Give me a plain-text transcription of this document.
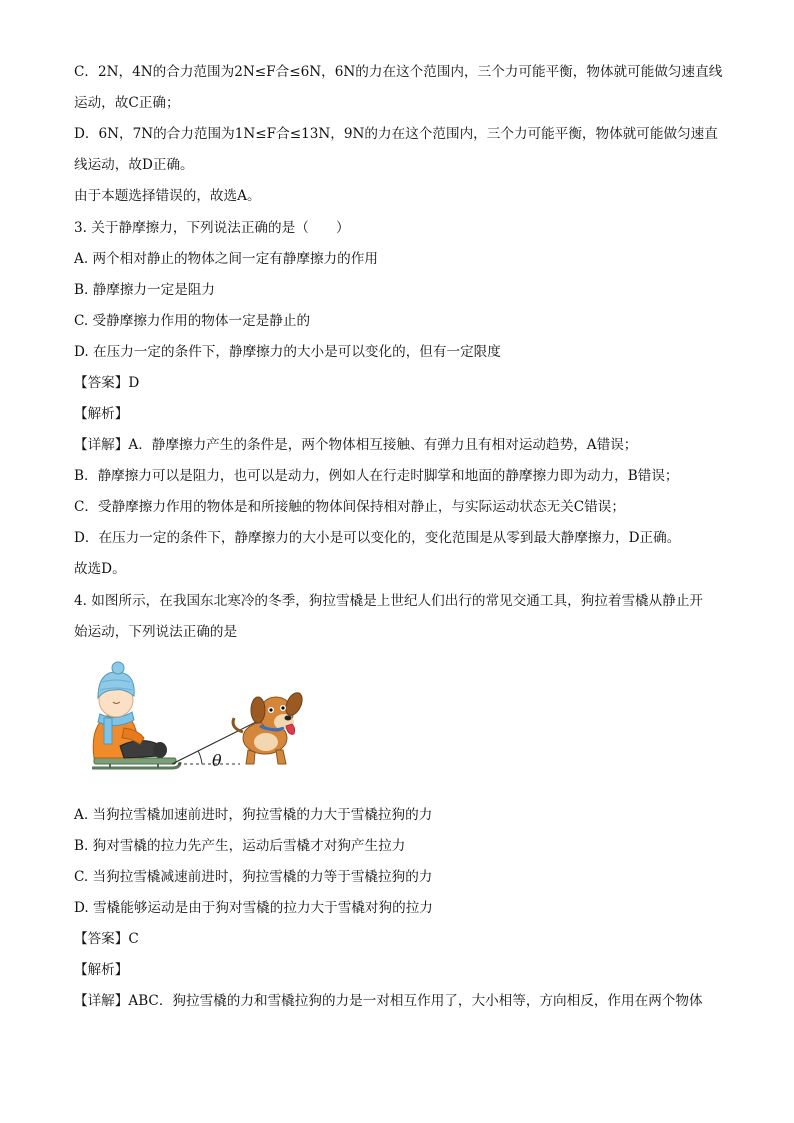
C．2N，4N的合力范围为2N≤F合≤6N，6N的力在这个范围内，三个力可能平衡，物体就可能做匀速直线
运动，故C正确；
D．6N，7N的合力范围为1N≤F合≤13N，9N的力在这个范围内，三个力可能平衡，物体就可能做匀速直
线运动，故D正确。
由于本题选择错误的，故选A。
3. 关于静摩擦力，下列说法正确的是（　　）
A. 两个相对静止的物体之间一定有静摩擦力的作用
B. 静摩擦力一定是阻力
C. 受静摩擦力作用的物体一定是静止的
D. 在压力一定的条件下，静摩擦力的大小是可以变化的，但有一定限度
【答案】D
【解析】
【详解】A．静摩擦力产生的条件是，两个物体相互接触、有弹力且有相对运动趋势，A错误；
B．静摩擦力可以是阻力，也可以是动力，例如人在行走时脚掌和地面的静摩擦力即为动力，B错误；
C．受静摩擦力作用的物体是和所接触的物体间保持相对静止，与实际运动状态无关C错误；
D．在压力一定的条件下，静摩擦力的大小是可以变化的，变化范围是从零到最大静摩擦力，D正确。
故选D。
4. 如图所示，在我国东北寒冷的冬季，狗拉雪橇是上世纪人们出行的常见交通工具，狗拉着雪橇从静止开
始运动，下列说法正确的是
θ
A. 当狗拉雪橇加速前进时，狗拉雪橇的力大于雪橇拉狗的力
B. 狗对雪橇的拉力先产生，运动后雪橇才对狗产生拉力
C. 当狗拉雪橇减速前进时，狗拉雪橇的力等于雪橇拉狗的力
D. 雪橇能够运动是由于狗对雪橇的拉力大于雪橇对狗的拉力
【答案】C
【解析】
【详解】ABC．狗拉雪橇的力和雪橇拉狗的力是一对相互作用了，大小相等，方向相反，作用在两个物体
